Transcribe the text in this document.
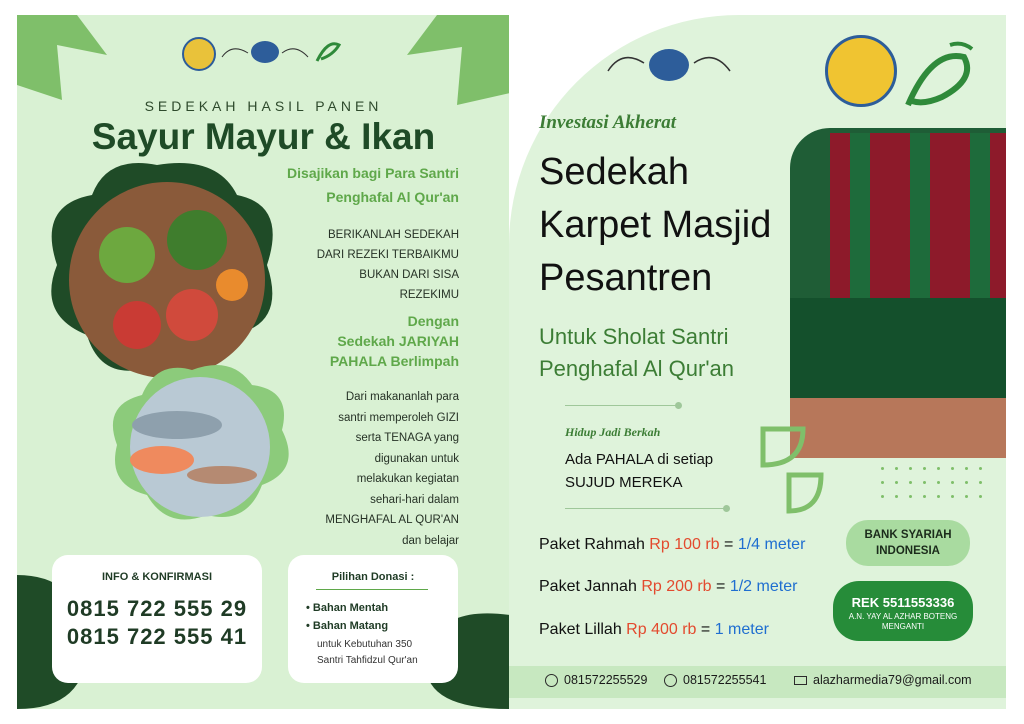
SEDEKAH HASIL PANEN
Sayur Mayur & Ikan
Disajikan bagi Para Santri
Penghafal Al Qur'an
BERIKANLAH SEDEKAH
DARI REZEKI TERBAIKMU
BUKAN DARI SISA
REZEKIMU
Dengan
Sedekah JARIYAH
PAHALA Berlimpah
Dari makananlah para
santri memperoleh GIZI
serta TENAGA yang
digunakan untuk
melakukan kegiatan
sehari-hari dalam
MENGHAFAL AL QUR'AN
dan belajar
INFO & KONFIRMASI
0815 722 555 29
0815 722 555 41
Pilihan Donasi :
• Bahan Mentah
• Bahan Matang
untuk Kebutuhan 350
Santri Tahfidzul Qur'an
Investasi Akherat
Sedekah
Karpet Masjid
Pesantren
Untuk Sholat Santri
Penghafal Al Qur'an
Hidup Jadi Berkah
Ada PAHALA di setiap
SUJUD MEREKA
Paket Rahmah Rp 100 rb = 1/4 meter
Paket Jannah Rp 200 rb = 1/2 meter
Paket Lillah Rp 400 rb = 1 meter
BANK SYARIAH
INDONESIA
REK 5511553336
A.N. YAY AL AZHAR BOTENG
MENGANTI
081572255529	081572255541	alazharmedia79@gmail.com
